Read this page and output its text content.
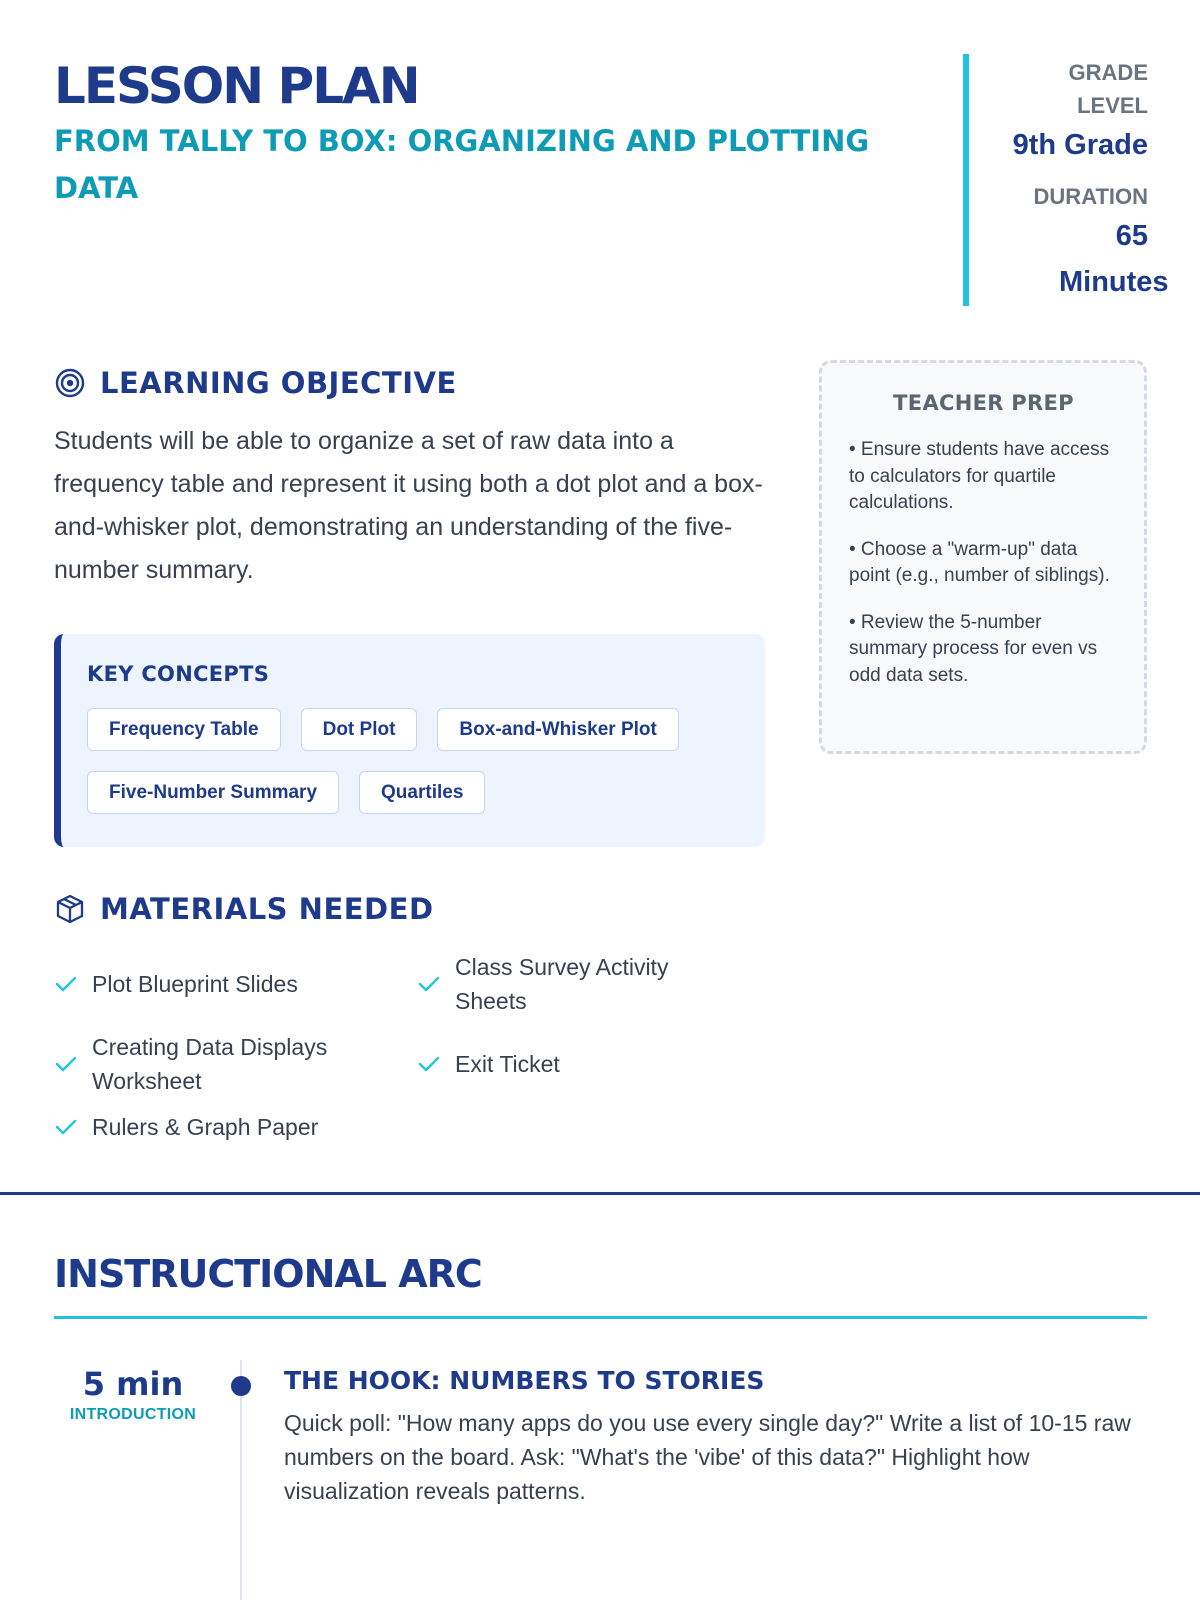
LESSON PLAN
FROM TALLY TO BOX: ORGANIZING AND PLOTTING DATA
GRADE LEVEL
9th Grade
DURATION
65 Minutes
LEARNING OBJECTIVE
Students will be able to organize a set of raw data into a frequency table and represent it using both a dot plot and a box-and-whisker plot, demonstrating an understanding of the five-number summary.
KEY CONCEPTS
Frequency Table	Dot Plot	Box-and-Whisker Plot
Five-Number Summary	Quartiles
TEACHER PREP
• Ensure students have access to calculators for quartile calculations.
• Choose a "warm-up" data point (e.g., number of siblings).
• Review the 5-number summary process for even vs odd data sets.
MATERIALS NEEDED
Plot Blueprint Slides
Class Survey Activity Sheets
Creating Data Displays Worksheet
Exit Ticket
Rulers & Graph Paper
INSTRUCTIONAL ARC
5 min
INTRODUCTION
THE HOOK: NUMBERS TO STORIES
Quick poll: "How many apps do you use every single day?" Write a list of 10-15 raw numbers on the board. Ask: "What's the 'vibe' of this data?" Highlight how visualization reveals patterns.
